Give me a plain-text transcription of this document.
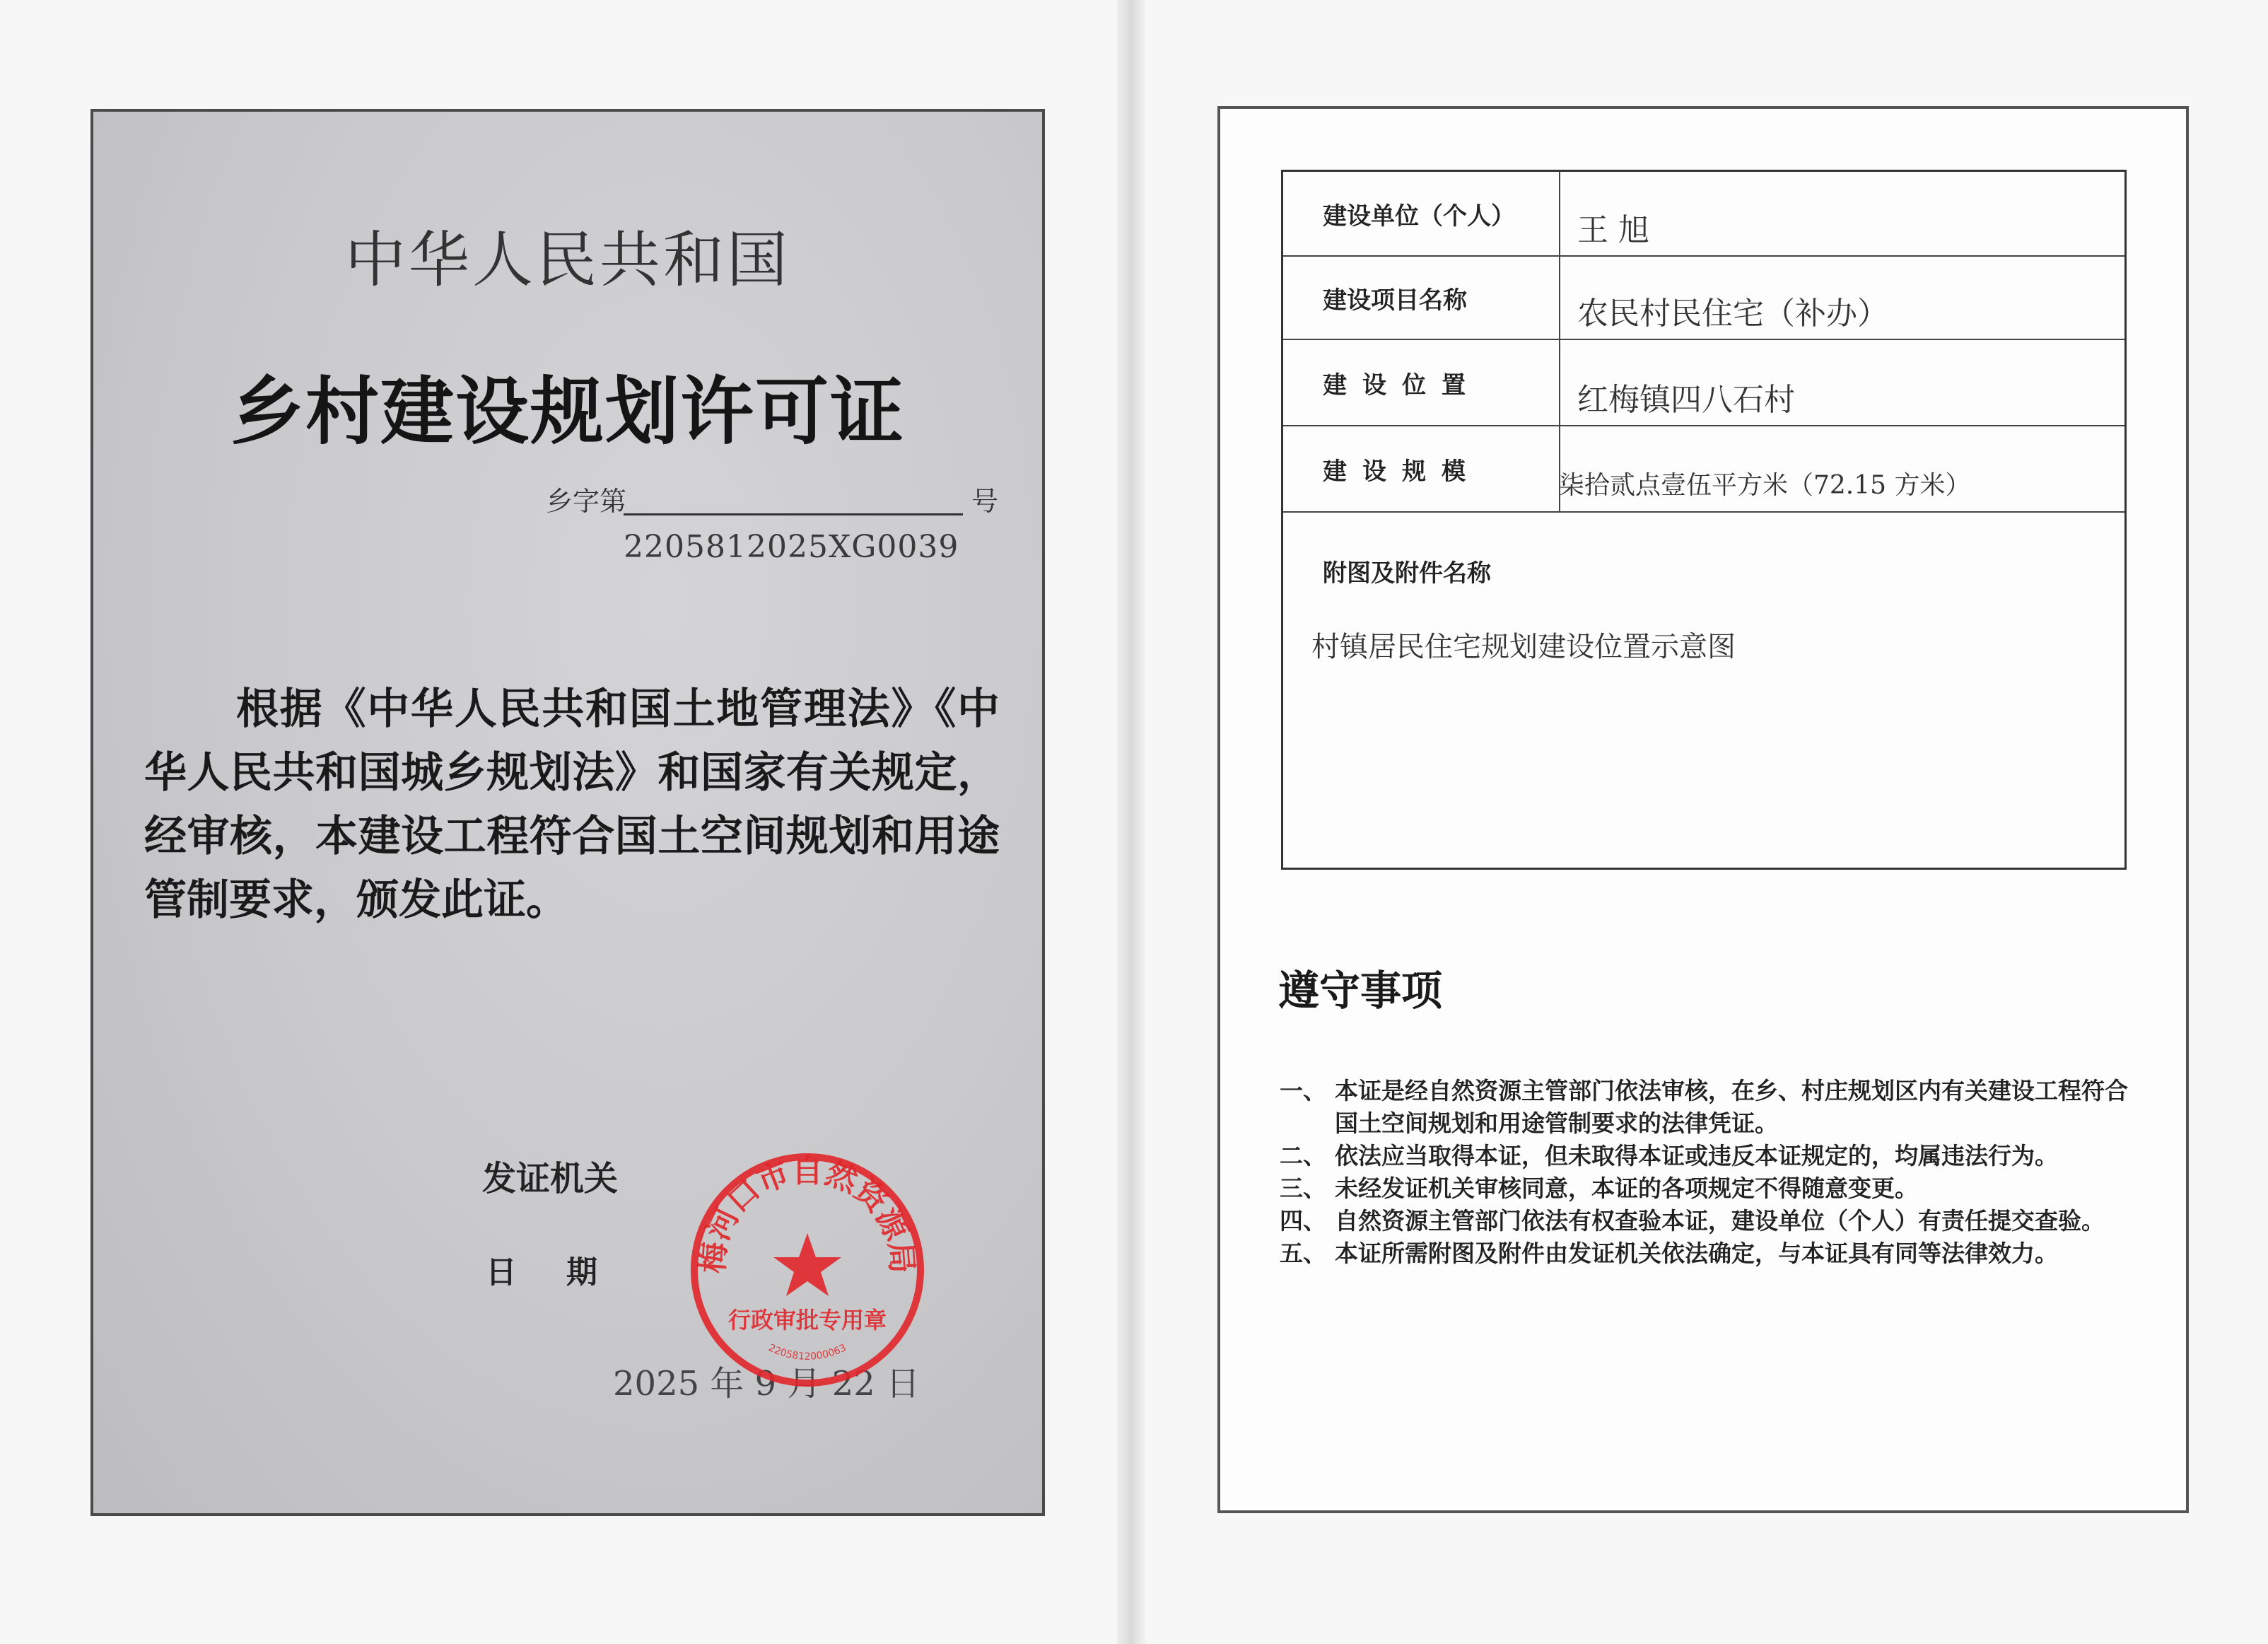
中华人民共和国
乡村建设规划许可证
乡字第	号
2205812025XG0039
根据《中华人民共和国土地管理法》《中华人民共和国城乡规划法》和国家有关规定，经审核，本建设工程符合国土空间规划和用途管制要求，颁发此证。
发证机关
日期
2025 年 9 月 22 日
梅河口市自然资源局
行政审批专用章
2205812000063
建设单位（个人）	王 旭
建设项目名称	农民村民住宅（补办）
建设位置	红梅镇四八石村
建设规模	柒拾贰点壹伍平方米（72.15 方米）
附图及附件名称
村镇居民住宅规划建设位置示意图
遵守事项
一、 本证是经自然资源主管部门依法审核，在乡、村庄规划区内有关建设工程符合国土空间规划和用途管制要求的法律凭证。
二、 依法应当取得本证，但未取得本证或违反本证规定的，均属违法行为。
三、 未经发证机关审核同意，本证的各项规定不得随意变更。
四、 自然资源主管部门依法有权查验本证，建设单位（个人）有责任提交查验。
五、 本证所需附图及附件由发证机关依法确定，与本证具有同等法律效力。
